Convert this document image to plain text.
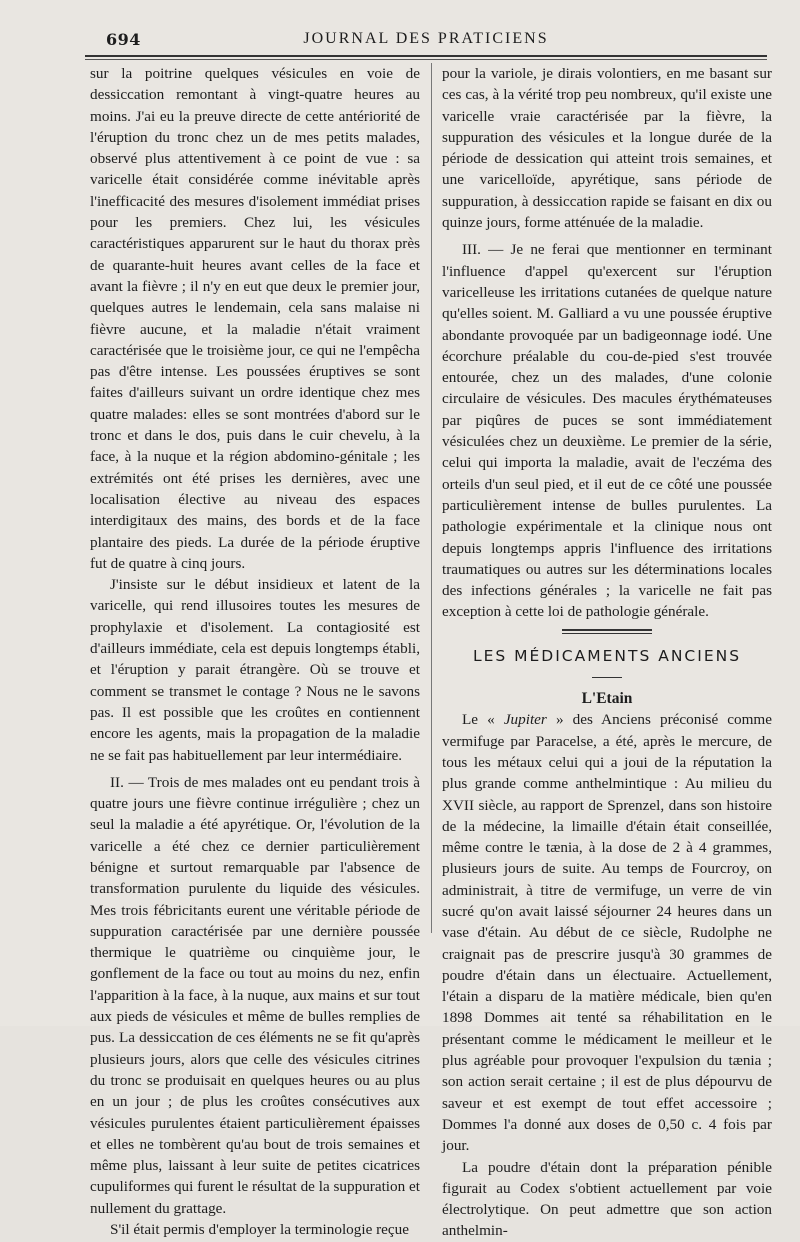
694	JOURNAL DES PRATICIENS

sur la poitrine quelques vésicules en voie de dessiccation remontant à vingt-quatre heures au moins. J'ai eu la preuve directe de cette antériorité de l'éruption du tronc chez un de mes petits malades, observé plus attentivement à ce point de vue : sa varicelle était considérée comme inévitable après l'inefficacité des mesures d'isolement immédiat prises pour les premiers. Chez lui, les vésicules caractéristiques apparurent sur le haut du thorax près de quarante-huit heures avant celles de la face et avant la fièvre ; il n'y en eut que deux le premier jour, quelques autres le lendemain, cela sans malaise ni fièvre aucune, et la maladie n'était vraiment caractérisée que le troisième jour, ce qui ne l'empêcha pas d'être intense. Les poussées éruptives se sont faites d'ailleurs suivant un ordre identique chez mes quatre malades: elles se sont montrées d'abord sur le tronc et dans le dos, puis dans le cuir chevelu, à la face, à la nuque et la région abdomino-génitale ; les extrémités ont été prises les dernières, avec une localisation élective au niveau des espaces interdigitaux des mains, des bords et de la face plantaire des pieds. La durée de la période éruptive fut de quatre à cinq jours.

J'insiste sur le début insidieux et latent de la varicelle, qui rend illusoires toutes les mesures de prophylaxie et d'isolement. La contagiosité est d'ailleurs immédiate, cela est depuis longtemps établi, et l'éruption y parait étrangère. Où se trouve et comment se transmet le contage ? Nous ne le savons pas. Il est possible que les croûtes en contiennent encore les agents, mais la propagation de la maladie ne se fait pas habituellement par leur intermédiaire.

II. — Trois de mes malades ont eu pendant trois à quatre jours une fièvre continue irrégulière ; chez un seul la maladie a été apyrétique. Or, l'évolution de la varicelle a été chez ce dernier particulièrement bénigne et surtout remarquable par l'absence de transformation purulente du liquide des vésicules. Mes trois fébricitants eurent une véritable période de suppuration caractérisée par une dernière poussée thermique le quatrième ou cinquième jour, le gonflement de la face ou tout au moins du nez, enfin l'apparition à la face, à la nuque, aux mains et sur tout aux pieds de vésicules et même de bulles remplies de pus. La dessiccation de ces éléments ne se fit qu'après plusieurs jours, alors que celle des vésicules citrines du tronc se produisait en quelques heures ou au plus en un jour ; de plus les croûtes consécutives aux vésicules purulentes étaient particulièrement épaisses et elles ne tombèrent qu'au bout de trois semaines et même plus, laissant à leur suite de petites cicatrices cupuliformes qui furent le résultat de la suppuration et nullement du grattage.

S'il était permis d'employer la terminologie reçue

pour la variole, je dirais volontiers, en me basant sur ces cas, à la vérité trop peu nombreux, qu'il existe une varicelle vraie caractérisée par la fièvre, la suppuration des vésicules et la longue durée de la période de dessication qui atteint trois semaines, et une varicelloïde, apyrétique, sans période de suppuration, à dessiccation rapide se faisant en dix ou quinze jours, forme atténuée de la maladie.

III. — Je ne ferai que mentionner en terminant l'influence d'appel qu'exercent sur l'éruption varicelleuse les irritations cutanées de quelque nature qu'elles soient. M. Galliard a vu une poussée éruptive abondante provoquée par un badigeonnage iodé. Une écorchure préalable du cou-de-pied s'est trouvée entourée, chez un des malades, d'une colonie circulaire de vésicules. Des macules érythémateuses par piqûres de puces se sont immédiatement vésiculées chez un deuxième. Le premier de la série, celui qui importa la maladie, avait de l'eczéma des orteils d'un seul pied, et il eut de ce côté une poussée particulièrement intense de bulles purulentes. La pathologie expérimentale et la clinique nous ont depuis longtemps appris l'influence des irritations traumatiques ou autres sur les déterminations locales des infections générales ; la varicelle ne fait pas exception à cette loi de pathologie générale.

LES MÉDICAMENTS ANCIENS
L'Etain

Le « Jupiter » des Anciens préconisé comme vermifuge par Paracelse, a été, après le mercure, de tous les métaux celui qui a joui de la réputation la plus grande comme anthelmintique : Au milieu du XVII siècle, au rapport de Sprenzel, dans son histoire de la médecine, la limaille d'étain était conseillée, même contre le tænia, à la dose de 2 à 4 grammes, plusieurs jours de suite. Au temps de Fourcroy, on administrait, à titre de vermifuge, un verre de vin sucré qu'on avait laissé séjourner 24 heures dans un vase d'étain. Au début de ce siècle, Rudolphe ne craignait pas de prescrire jusqu'à 30 grammes de poudre d'étain dans un électuaire. Actuellement, l'étain a disparu de la matière médicale, bien qu'en 1898 Dommes ait tenté sa réhabilitation en le présentant comme le médicament le meilleur et le plus agréable pour provoquer l'expulsion du tænia ; son action serait certaine ; il est de plus dépourvu de saveur et est exempt de tout effet accessoire ; Dommes l'a donné aux doses de 0,50 c. 4 fois par jour.

La poudre d'étain dont la préparation pénible figurait au Codex s'obtient actuellement par voie électrolytique. On peut admettre que son action anthelmin-
